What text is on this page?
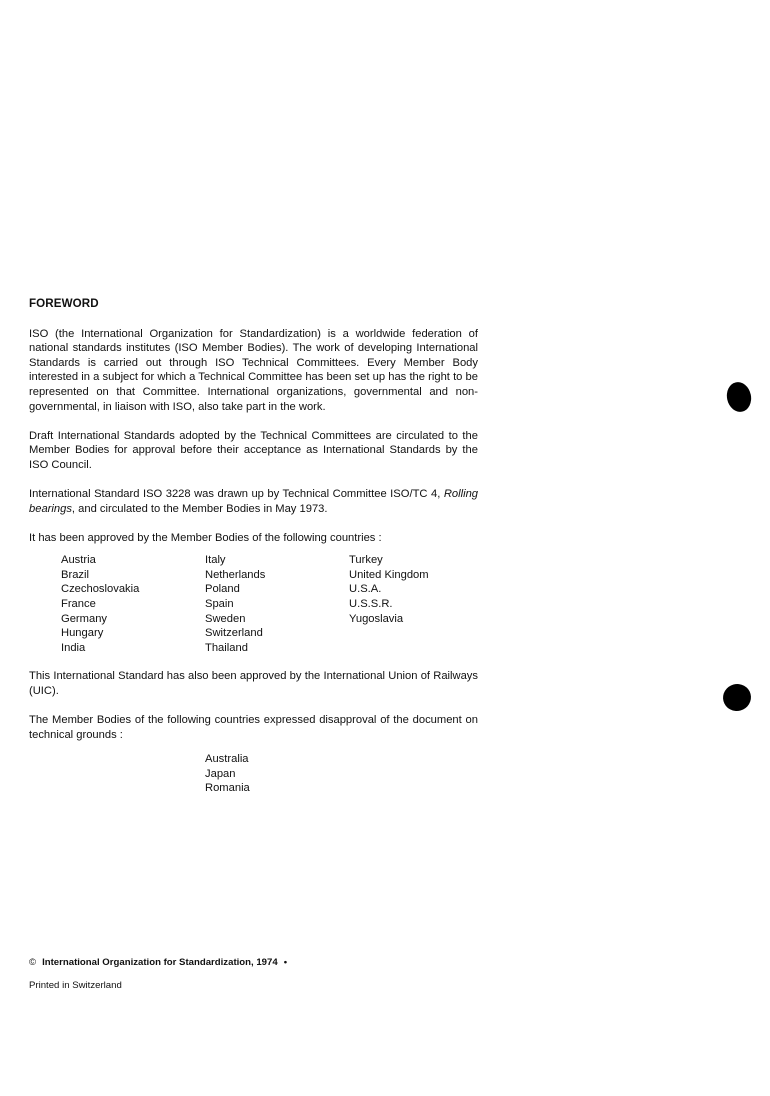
FOREWORD

ISO (the International Organization for Standardization) is a worldwide federation of national standards institutes (ISO Member Bodies). The work of developing International Standards is carried out through ISO Technical Committees. Every Member Body interested in a subject for which a Technical Committee has been set up has the right to be represented on that Committee. International organizations, governmental and non-governmental, in liaison with ISO, also take part in the work.

Draft International Standards adopted by the Technical Committees are circulated to the Member Bodies for approval before their acceptance as International Standards by the ISO Council.

International Standard ISO 3228 was drawn up by Technical Committee ISO/TC 4, Rolling bearings, and circulated to the Member Bodies in May 1973.

It has been approved by the Member Bodies of the following countries :

Austria
Brazil
Czechoslovakia
France
Germany
Hungary
India
Italy
Netherlands
Poland
Spain
Sweden
Switzerland
Thailand
Turkey
United Kingdom
U.S.A.
U.S.S.R.
Yugoslavia

This International Standard has also been approved by the International Union of Railways (UIC).

The Member Bodies of the following countries expressed disapproval of the document on technical grounds :

Australia
Japan
Romania
© International Organization for Standardization, 1974 •
Printed in Switzerland
